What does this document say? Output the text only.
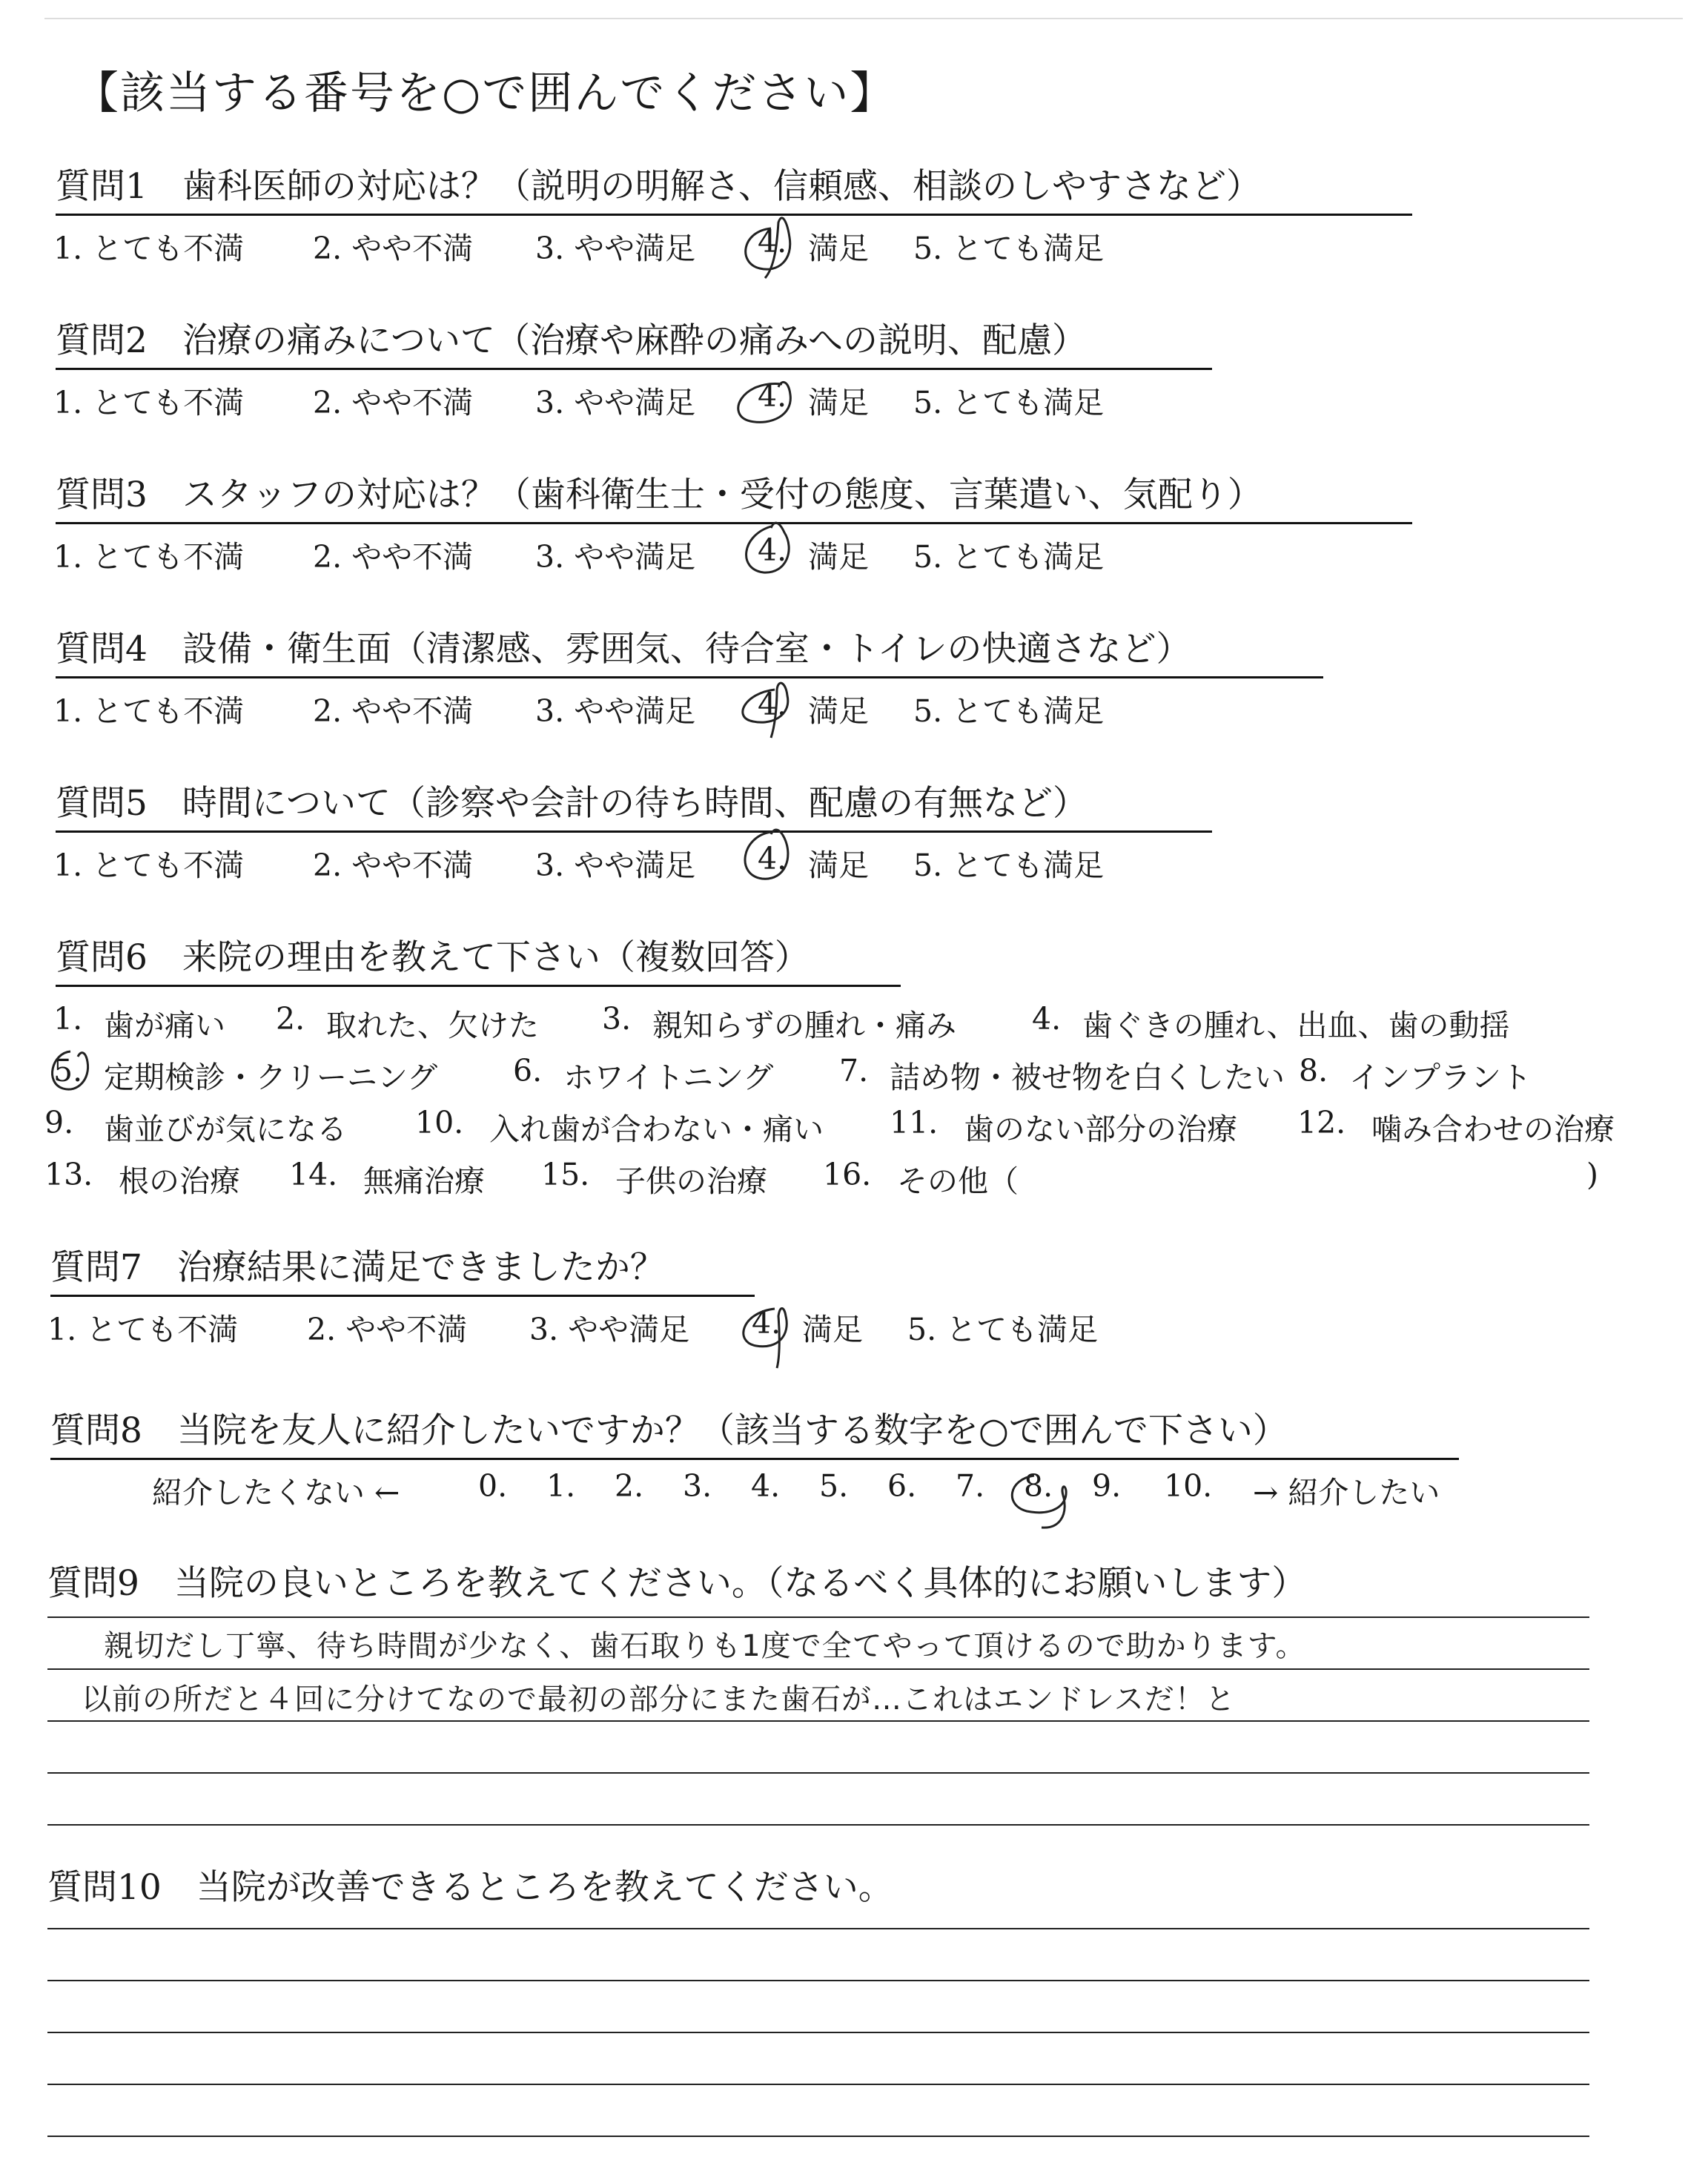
【該当する番号を○で囲んでください】
質問1　歯科医師の対応は？（説明の明解さ、信頼感、相談のしやすさなど）
1. とても不満 2. やや不満 3. やや満足 4. 満足 5. とても満足
質問2　治療の痛みについて（治療や麻酔の痛みへの説明、配慮）
1. とても不満 2. やや不満 3. やや満足 4. 満足 5. とても満足
質問3　スタッフの対応は？（歯科衛生士・受付の態度、言葉遣い、気配り）
1. とても不満 2. やや不満 3. やや満足 4. 満足 5. とても満足
質問4　設備・衛生面（清潔感、雰囲気、待合室・トイレの快適さなど）
1. とても不満 2. やや不満 3. やや満足 4. 満足 5. とても満足
質問5　時間について（診察や会計の待ち時間、配慮の有無など）
1. とても不満 2. やや不満 3. やや満足 4. 満足 5. とても満足
質問6　来院の理由を教えて下さい（複数回答）
1. 歯が痛い 2. 取れた、欠けた 3. 親知らずの腫れ・痛み 4. 歯ぐきの腫れ、出血、歯の動揺
5. 定期検診・クリーニング 6. ホワイトニング 7. 詰め物・被せ物を白くしたい 8. インプラント
9. 歯並びが気になる 10. 入れ歯が合わない・痛い 11. 歯のない部分の治療 12. 噛み合わせの治療
13. 根の治療 14. 無痛治療 15. 子供の治療 16. その他（	)
質問7　治療結果に満足できましたか？
1. とても不満 2. やや不満 3. やや満足 4. 満足 5. とても満足
質問8　当院を友人に紹介したいですか？（該当する数字を○で囲んで下さい）
紹介したくない ←	0. 1. 2. 3. 4. 5. 6. 7. 8. 9. 10. → 紹介したい
質問9　当院の良いところを教えてください。（なるべく具体的にお願いします）
親切だし丁寧、待ち時間が少なく、歯石取りも1度で全てやって頂けるので助かります。
以前の所だと４回に分けてなので最初の部分にまた歯石が…これはエンドレスだ！と
質問10　当院が改善できるところを教えてください。
